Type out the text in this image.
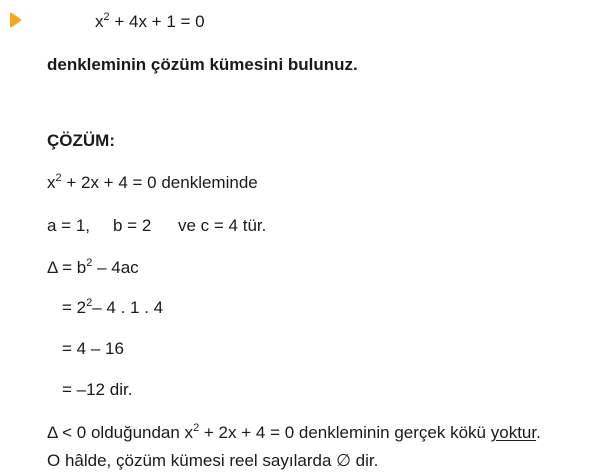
$x^2 + 4x + 1 = 0$
denkleminin çözüm kümesini bulunuz.
ÇÖZÜM:
$x^2 + 2x + 4 = 0$ denkleminde
a = 1, b = 2 ve c = 4 tür.
$\Delta = b^2 - 4ac$
= $2^2-$ 4 . 1 . 4
= 4 – 16
= –12 dir.
Δ < 0 olduğundan $x^2 + 2x + 4 = 0$ denkleminin gerçek kökü yoktur.
O hâlde, çözüm kümesi reel sayılarda ∅ dir.
